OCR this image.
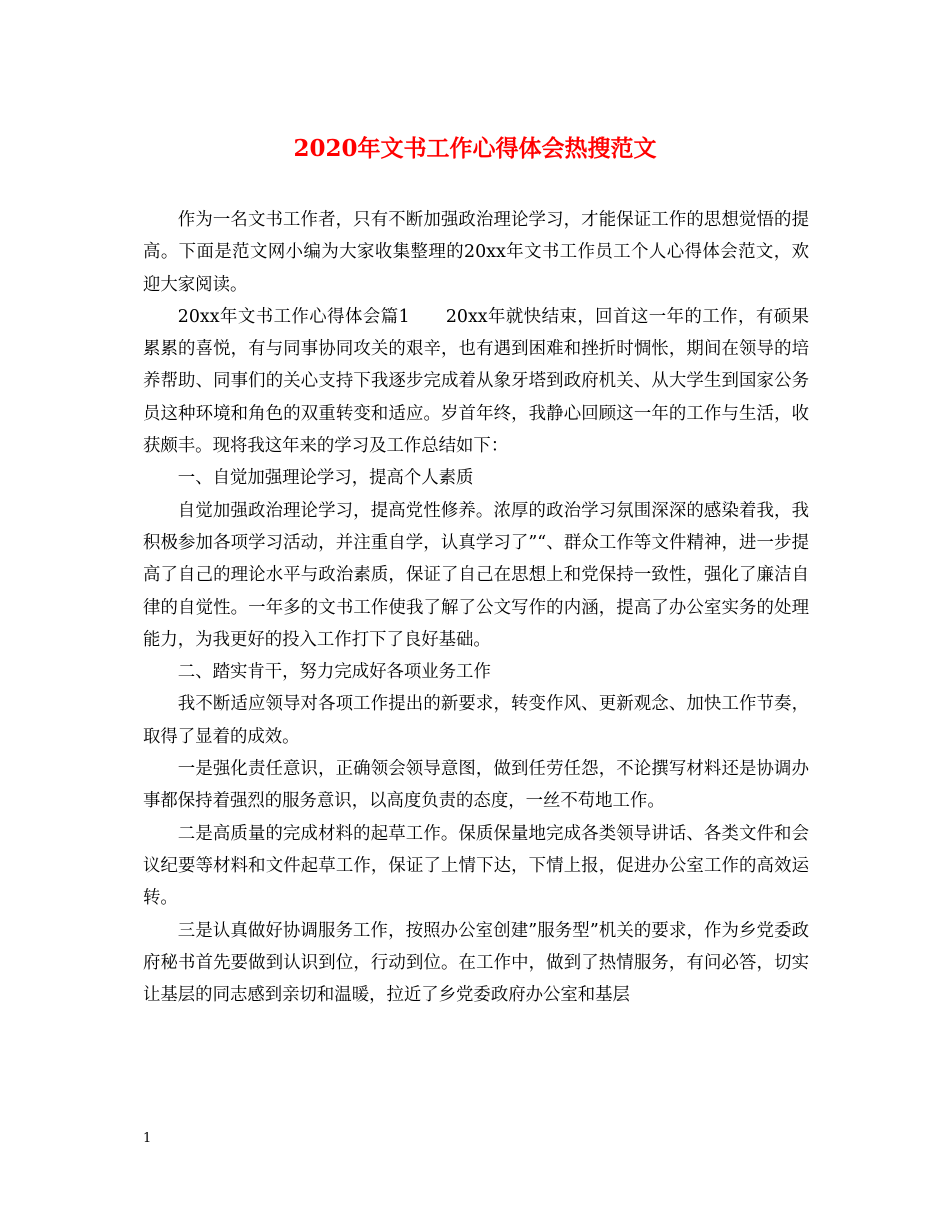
2020年文书工作心得体会热搜范文

作为一名文书工作者，只有不断加强政治理论学习，才能保证工作的思想觉悟的提高。下面是范文网小编为大家收集整理的20xx年文书工作员工个人心得体会范文，欢迎大家阅读。

20xx年文书工作心得体会篇1　　20xx年就快结束，回首这一年的工作，有硕果累累的喜悦，有与同事协同攻关的艰辛，也有遇到困难和挫折时惆怅，期间在领导的培养帮助、同事们的关心支持下我逐步完成着从象牙塔到政府机关、从大学生到国家公务员这种环境和角色的双重转变和适应。岁首年终，我静心回顾这一年的工作与生活，收获颇丰。现将我这年来的学习及工作总结如下：

一、自觉加强理论学习，提高个人素质

自觉加强政治理论学习，提高党性修养。浓厚的政治学习氛围深深的感染着我，我积极参加各项学习活动，并注重自学，认真学习了”“、群众工作等文件精神，进一步提高了自己的理论水平与政治素质，保证了自己在思想上和党保持一致性，强化了廉洁自律的自觉性。一年多的文书工作使我了解了公文写作的内涵，提高了办公室实务的处理能力，为我更好的投入工作打下了良好基础。

二、踏实肯干，努力完成好各项业务工作

我不断适应领导对各项工作提出的新要求，转变作风、更新观念、加快工作节奏，取得了显着的成效。

一是强化责任意识，正确领会领导意图，做到任劳任怨，不论撰写材料还是协调办事都保持着强烈的服务意识，以高度负责的态度，一丝不苟地工作。

二是高质量的完成材料的起草工作。保质保量地完成各类领导讲话、各类文件和会议纪要等材料和文件起草工作，保证了上情下达，下情上报，促进办公室工作的高效运转。

三是认真做好协调服务工作，按照办公室创建”服务型”机关的要求，作为乡党委政府秘书首先要做到认识到位，行动到位。在工作中，做到了热情服务，有问必答，切实让基层的同志感到亲切和温暖，拉近了乡党委政府办公室和基层

1
